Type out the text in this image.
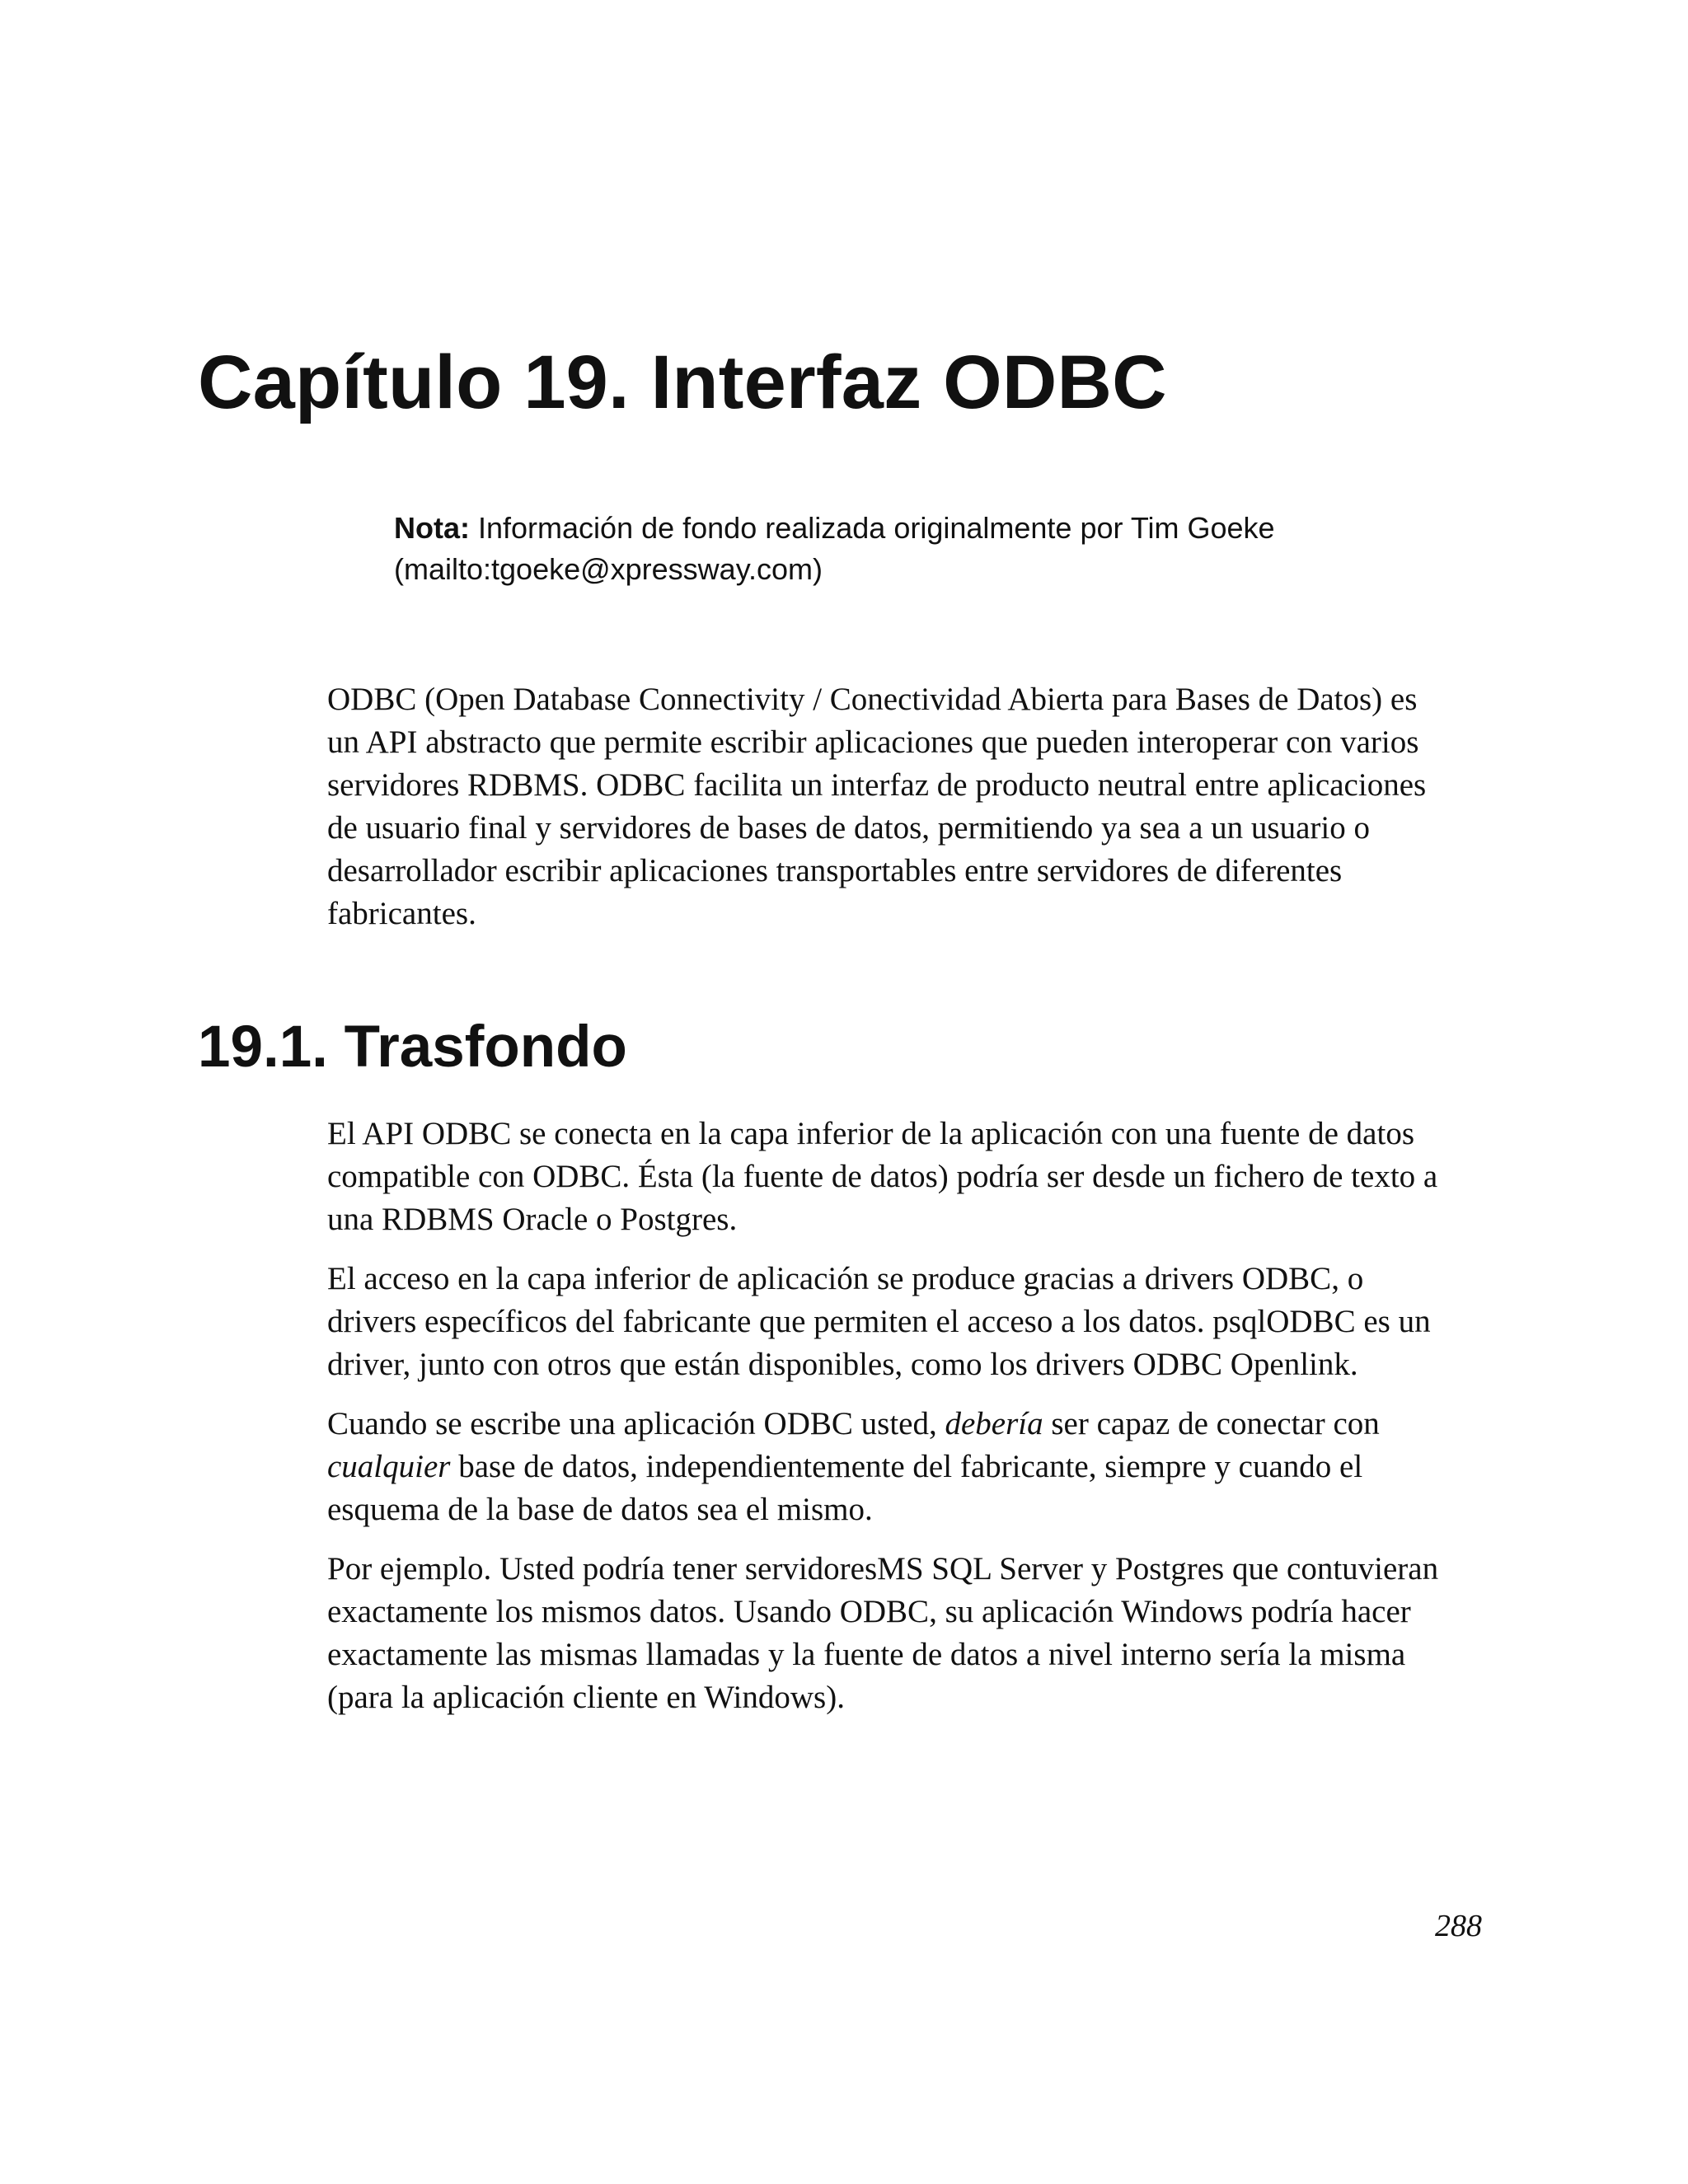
Capítulo 19. Interfaz ODBC
Nota: Información de fondo realizada originalmente por Tim Goeke
(mailto:tgoeke@xpressway.com)
ODBC (Open Database Connectivity / Conectividad Abierta para Bases de Datos) es
un API abstracto que permite escribir aplicaciones que pueden interoperar con varios
servidores RDBMS. ODBC facilita un interfaz de producto neutral entre aplicaciones
de usuario final y servidores de bases de datos, permitiendo ya sea a un usuario o
desarrollador escribir aplicaciones transportables entre servidores de diferentes
fabricantes.
19.1. Trasfondo

El API ODBC se conecta en la capa inferior de la aplicación con una fuente de datos
compatible con ODBC. Ésta (la fuente de datos) podría ser desde un fichero de texto a
una RDBMS Oracle o Postgres.

El acceso en la capa inferior de aplicación se produce gracias a drivers ODBC, o
drivers específicos del fabricante que permiten el acceso a los datos. psqlODBC es un
driver, junto con otros que están disponibles, como los drivers ODBC Openlink.

Cuando se escribe una aplicación ODBC usted, debería ser capaz de conectar con
cualquier base de datos, independientemente del fabricante, siempre y cuando el
esquema de la base de datos sea el mismo.

Por ejemplo. Usted podría tener servidoresMS SQL Server y Postgres que contuvieran
exactamente los mismos datos. Usando ODBC, su aplicación Windows podría hacer
exactamente las mismas llamadas y la fuente de datos a nivel interno sería la misma
(para la aplicación cliente en Windows).

288
